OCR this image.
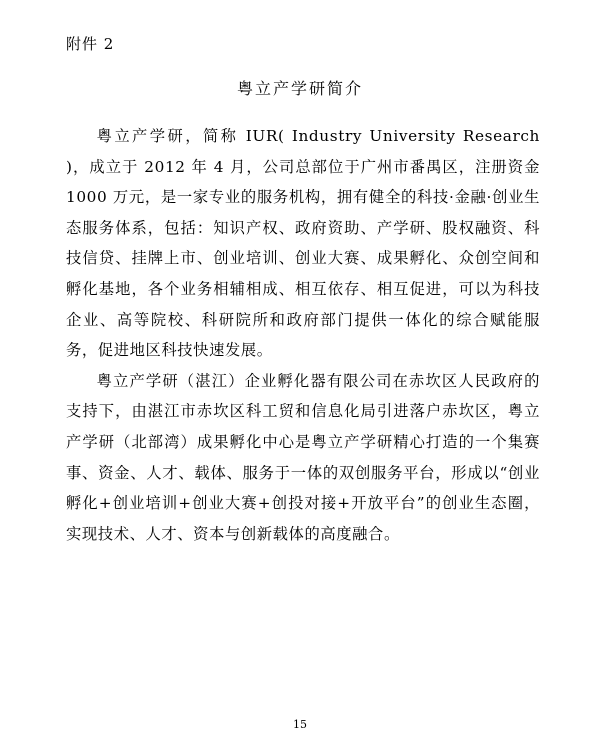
附件 2
粤立产学研简介

粤立产学研，简称 IUR( Industry University Research )，成立于 2012 年 4 月，公司总部位于广州市番禺区，注册资金 1000 万元，是一家专业的服务机构，拥有健全的科技·金融·创业生态服务体系，包括：知识产权、政府资助、产学研、股权融资、科技信贷、挂牌上市、创业培训、创业大赛、成果孵化、众创空间和孵化基地，各个业务相辅相成、相互依存、相互促进，可以为科技企业、高等院校、科研院所和政府部门提供一体化的综合赋能服务，促进地区科技快速发展。

粤立产学研（湛江）企业孵化器有限公司在赤坎区人民政府的支持下，由湛江市赤坎区科工贸和信息化局引进落户赤坎区，粤立产学研（北部湾）成果孵化中心是粤立产学研精心打造的一个集赛事、资金、人才、载体、服务于一体的双创服务平台，形成以“创业孵化+创业培训+创业大赛+创投对接+开放平台”的创业生态圈，实现技术、人才、资本与创新载体的高度融合。

15
